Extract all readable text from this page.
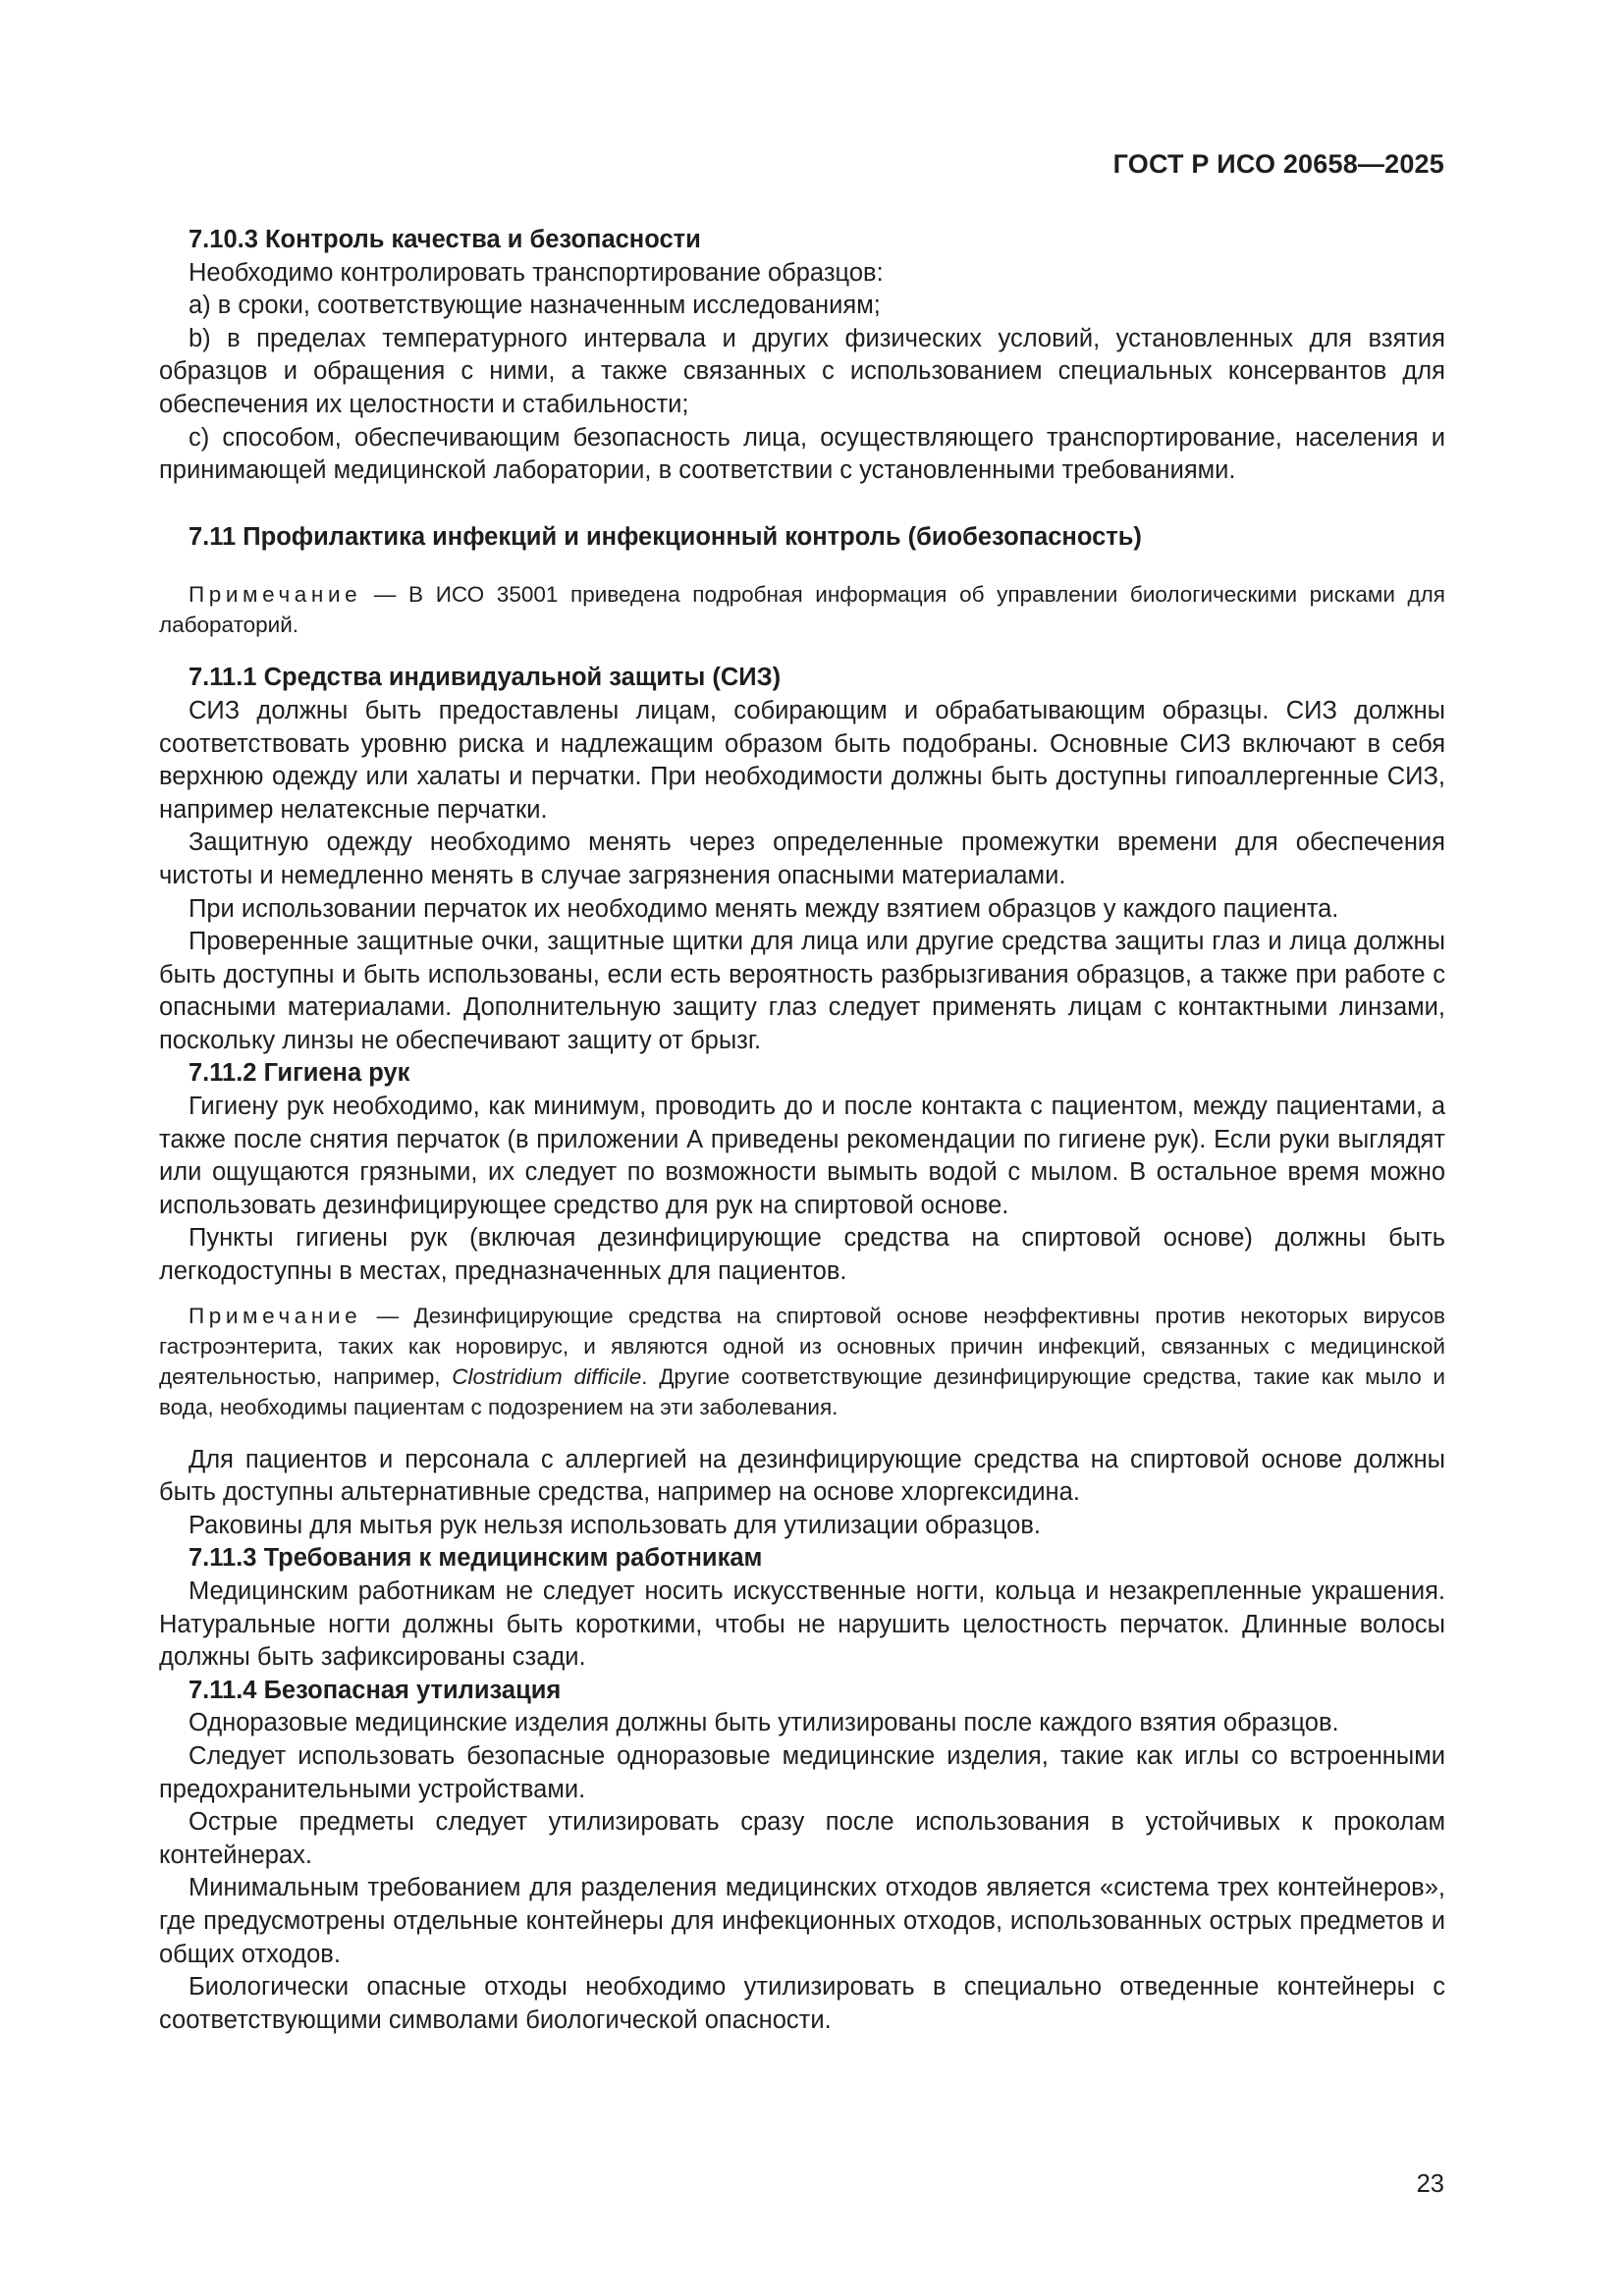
ГОСТ Р ИСО 20658—2025
7.10.3 Контроль качества и безопасности

Необходимо контролировать транспортирование образцов:

a) в сроки, соответствующие назначенным исследованиям;

b) в пределах температурного интервала и других физических условий, установленных для взятия образцов и обращения с ними, а также связанных с использованием специальных консервантов для обеспечения их целостности и стабильности;

c) способом, обеспечивающим безопасность лица, осуществляющего транспортирование, населения и принимающей медицинской лаборатории, в соответствии с установленными требованиями.

7.11 Профилактика инфекций и инфекционный контроль (биобезопасность)
Примечание — В ИСО 35001 приведена подробная информация об управлении биологическими рисками для лабораторий.
7.11.1 Средства индивидуальной защиты (СИЗ)

СИЗ должны быть предоставлены лицам, собирающим и обрабатывающим образцы. СИЗ должны соответствовать уровню риска и надлежащим образом быть подобраны. Основные СИЗ включают в себя верхнюю одежду или халаты и перчатки. При необходимости должны быть доступны гипоаллергенные СИЗ, например нелатексные перчатки.

Защитную одежду необходимо менять через определенные промежутки времени для обеспечения чистоты и немедленно менять в случае загрязнения опасными материалами.

При использовании перчаток их необходимо менять между взятием образцов у каждого пациента.

Проверенные защитные очки, защитные щитки для лица или другие средства защиты глаз и лица должны быть доступны и быть использованы, если есть вероятность разбрызгивания образцов, а также при работе с опасными материалами. Дополнительную защиту глаз следует применять лицам с контактными линзами, поскольку линзы не обеспечивают защиту от брызг.

7.11.2 Гигиена рук

Гигиену рук необходимо, как минимум, проводить до и после контакта с пациентом, между пациентами, а также после снятия перчаток (в приложении А приведены рекомендации по гигиене рук). Если руки выглядят или ощущаются грязными, их следует по возможности вымыть водой с мылом. В остальное время можно использовать дезинфицирующее средство для рук на спиртовой основе.

Пункты гигиены рук (включая дезинфицирующие средства на спиртовой основе) должны быть легкодоступны в местах, предназначенных для пациентов.

Примечание — Дезинфицирующие средства на спиртовой основе неэффективны против некоторых вирусов гастроэнтерита, таких как норовирус, и являются одной из основных причин инфекций, связанных с медицинской деятельностью, например, Clostridium difficile. Другие соответствующие дезинфицирующие средства, такие как мыло и вода, необходимы пациентам с подозрением на эти заболевания.

Для пациентов и персонала с аллергией на дезинфицирующие средства на спиртовой основе должны быть доступны альтернативные средства, например на основе хлоргексидина.

Раковины для мытья рук нельзя использовать для утилизации образцов.

7.11.3 Требования к медицинским работникам

Медицинским работникам не следует носить искусственные ногти, кольца и незакрепленные украшения. Натуральные ногти должны быть короткими, чтобы не нарушить целостность перчаток. Длинные волосы должны быть зафиксированы сзади.

7.11.4 Безопасная утилизация

Одноразовые медицинские изделия должны быть утилизированы после каждого взятия образцов.

Следует использовать безопасные одноразовые медицинские изделия, такие как иглы со встроенными предохранительными устройствами.

Острые предметы следует утилизировать сразу после использования в устойчивых к проколам контейнерах.

Минимальным требованием для разделения медицинских отходов является «система трех контейнеров», где предусмотрены отдельные контейнеры для инфекционных отходов, использованных острых предметов и общих отходов.

Биологически опасные отходы необходимо утилизировать в специально отведенные контейнеры с соответствующими символами биологической опасности.

23
